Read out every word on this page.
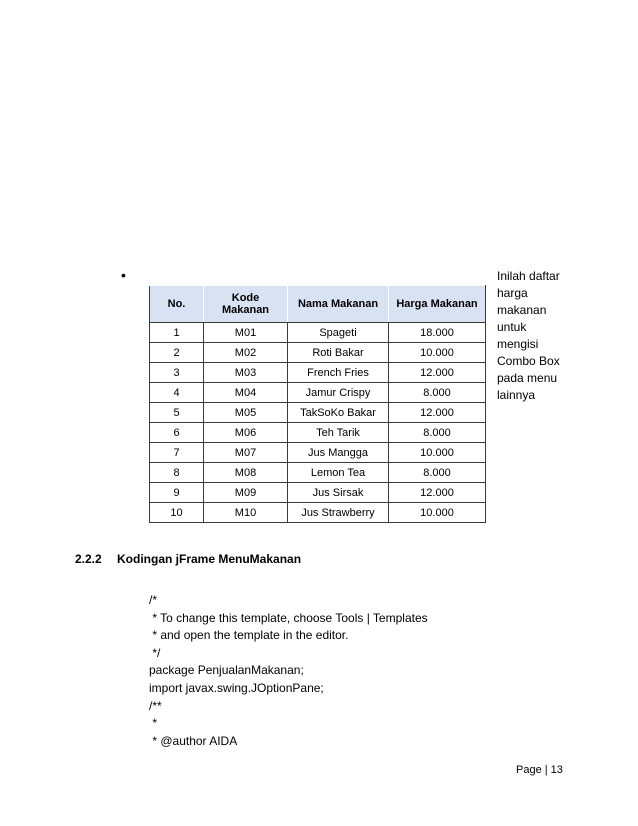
•
No.	Kode Makanan	Nama Makanan	Harga Makanan
1	M01	Spageti	18.000
2	M02	Roti Bakar	10.000
3	M03	French Fries	12.000
4	M04	Jamur Crispy	8.000
5	M05	TakSoKo Bakar	12.000
6	M06	Teh Tarik	8.000
7	M07	Jus Mangga	10.000
8	M08	Lemon Tea	8.000
9	M09	Jus Sirsak	12.000
10	M10	Jus Strawberry	10.000
Inilah daftar harga makanan untuk mengisi Combo Box pada menu lainnya
2.2.2 Kodingan jFrame MenuMakanan
/*
* To change this template, choose Tools | Templates
* and open the template in the editor.
*/
package PenjualanMakanan;
import javax.swing.JOptionPane;
/**
*
* @author AIDA
Page | 13
